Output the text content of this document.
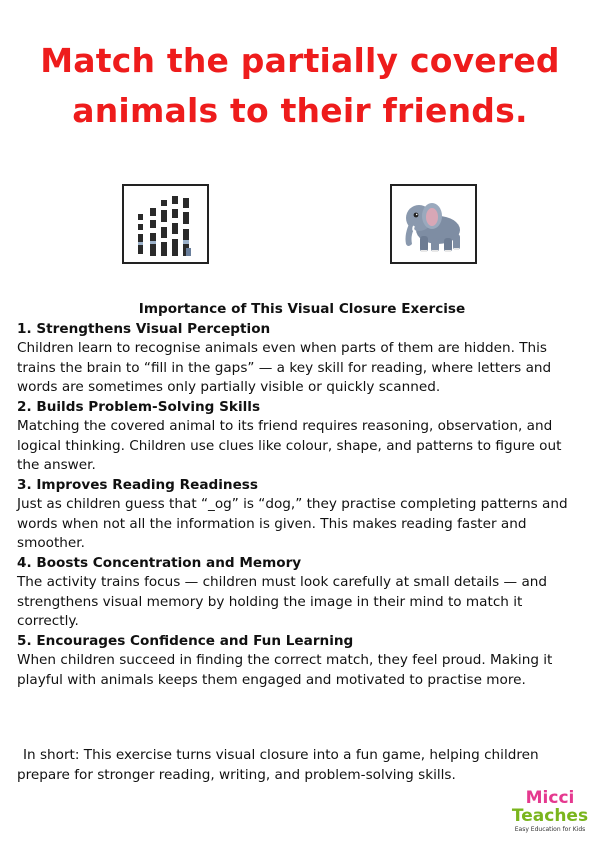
Match the partially covered
animals to their friends.

Importance of This Visual Closure Exercise

1. Strengthens Visual Perception

Children learn to recognise animals even when parts of them are hidden. This trains the brain to “fill in the gaps” — a key skill for reading, where letters and words are sometimes only partially visible or quickly scanned.

2. Builds Problem-Solving Skills

Matching the covered animal to its friend requires reasoning, observation, and logical thinking. Children use clues like colour, shape, and patterns to figure out the answer.

3. Improves Reading Readiness

Just as children guess that “_og” is “dog,” they practise completing patterns and words when not all the information is given. This makes reading faster and smoother.

4. Boosts Concentration and Memory

The activity trains focus — children must look carefully at small details — and strengthens visual memory by holding the image in their mind to match it correctly.

5. Encourages Confidence and Fun Learning

When children succeed in finding the correct match, they feel proud. Making it playful with animals keeps them engaged and motivated to practise more.

In short: This exercise turns visual closure into a fun game, helping children prepare for stronger reading, writing, and problem-solving skills.

Micci
Teaches
Easy Education for Kids
